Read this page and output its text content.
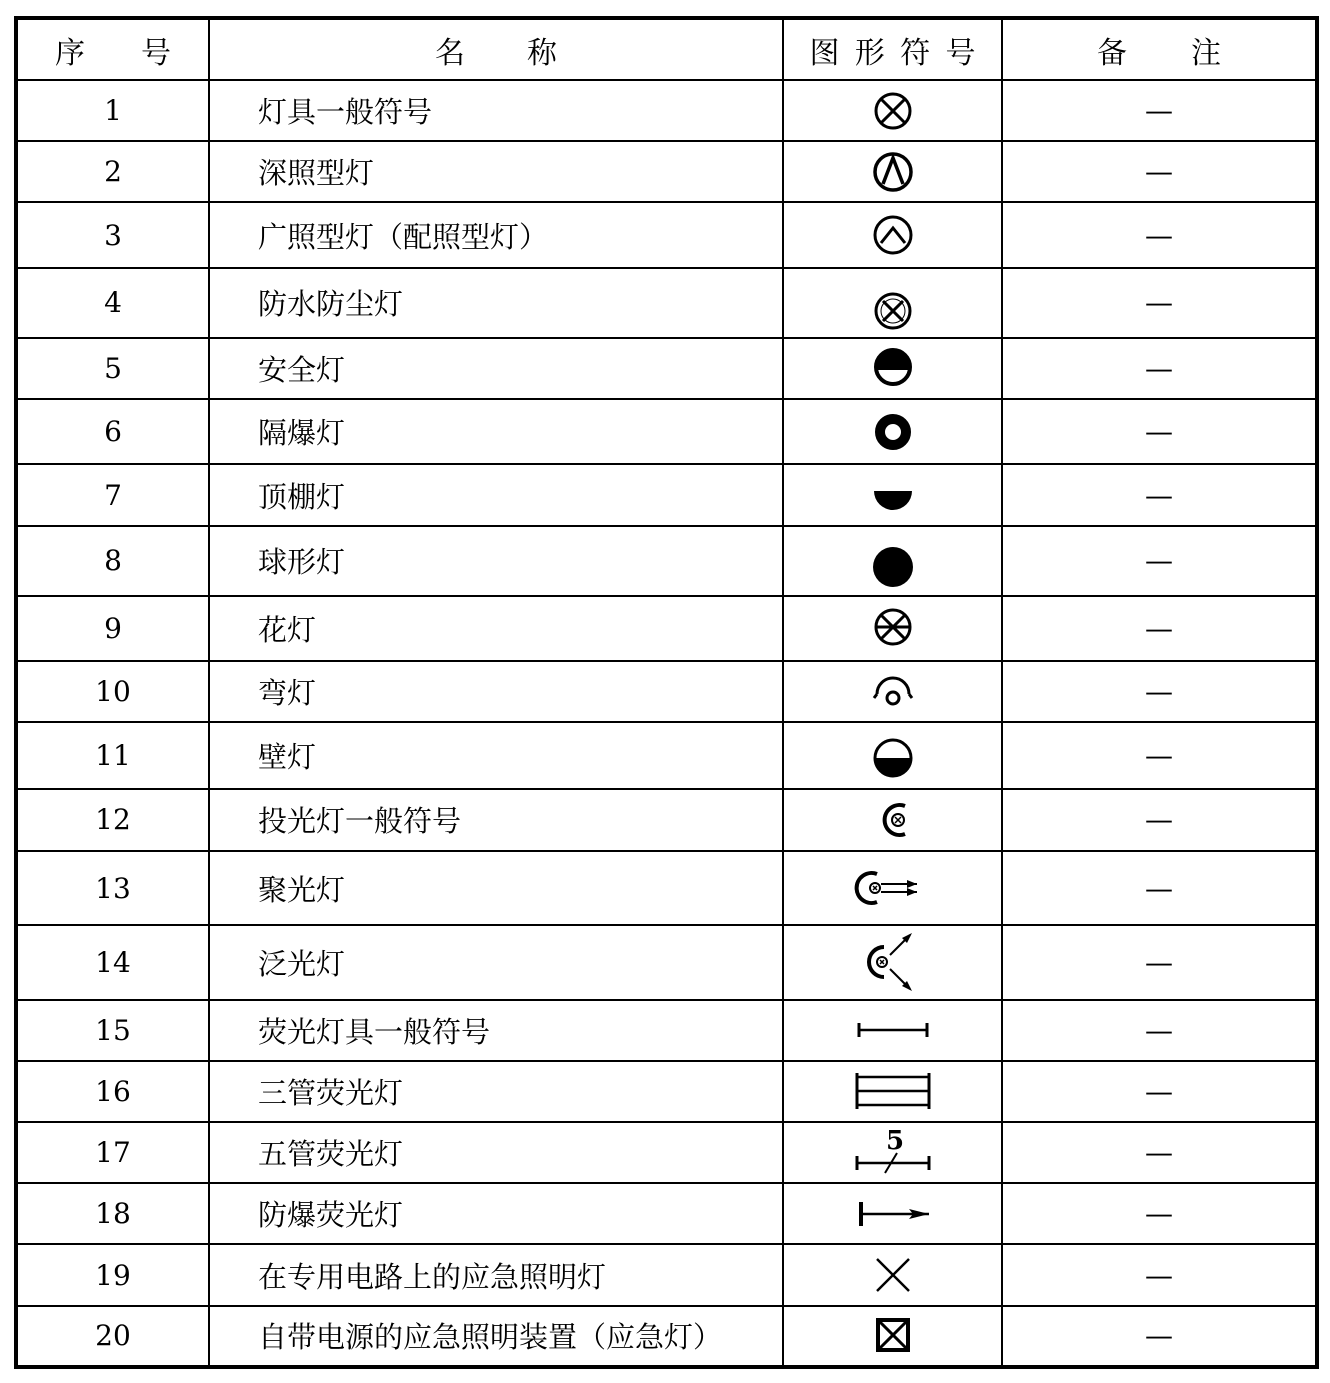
序 号	名 称	图 形 符 号	备 注

1	灯具一般符号		—
2	深照型灯		—
3	广照型灯（配照型灯）		—
4	防水防尘灯		—
5	安全灯		—
6	隔爆灯		—
7	顶棚灯		—
8	球形灯		—
9	花灯		—
10	弯灯		—
11	壁灯		—
12	投光灯一般符号		—
13	聚光灯		—
14	泛光灯		—
15	荧光灯具一般符号		—
16	三管荧光灯		—
17	五管荧光灯	5	—
18	防爆荧光灯		—
19	在专用电路上的应急照明灯		—
20	自带电源的应急照明装置（应急灯）		—
